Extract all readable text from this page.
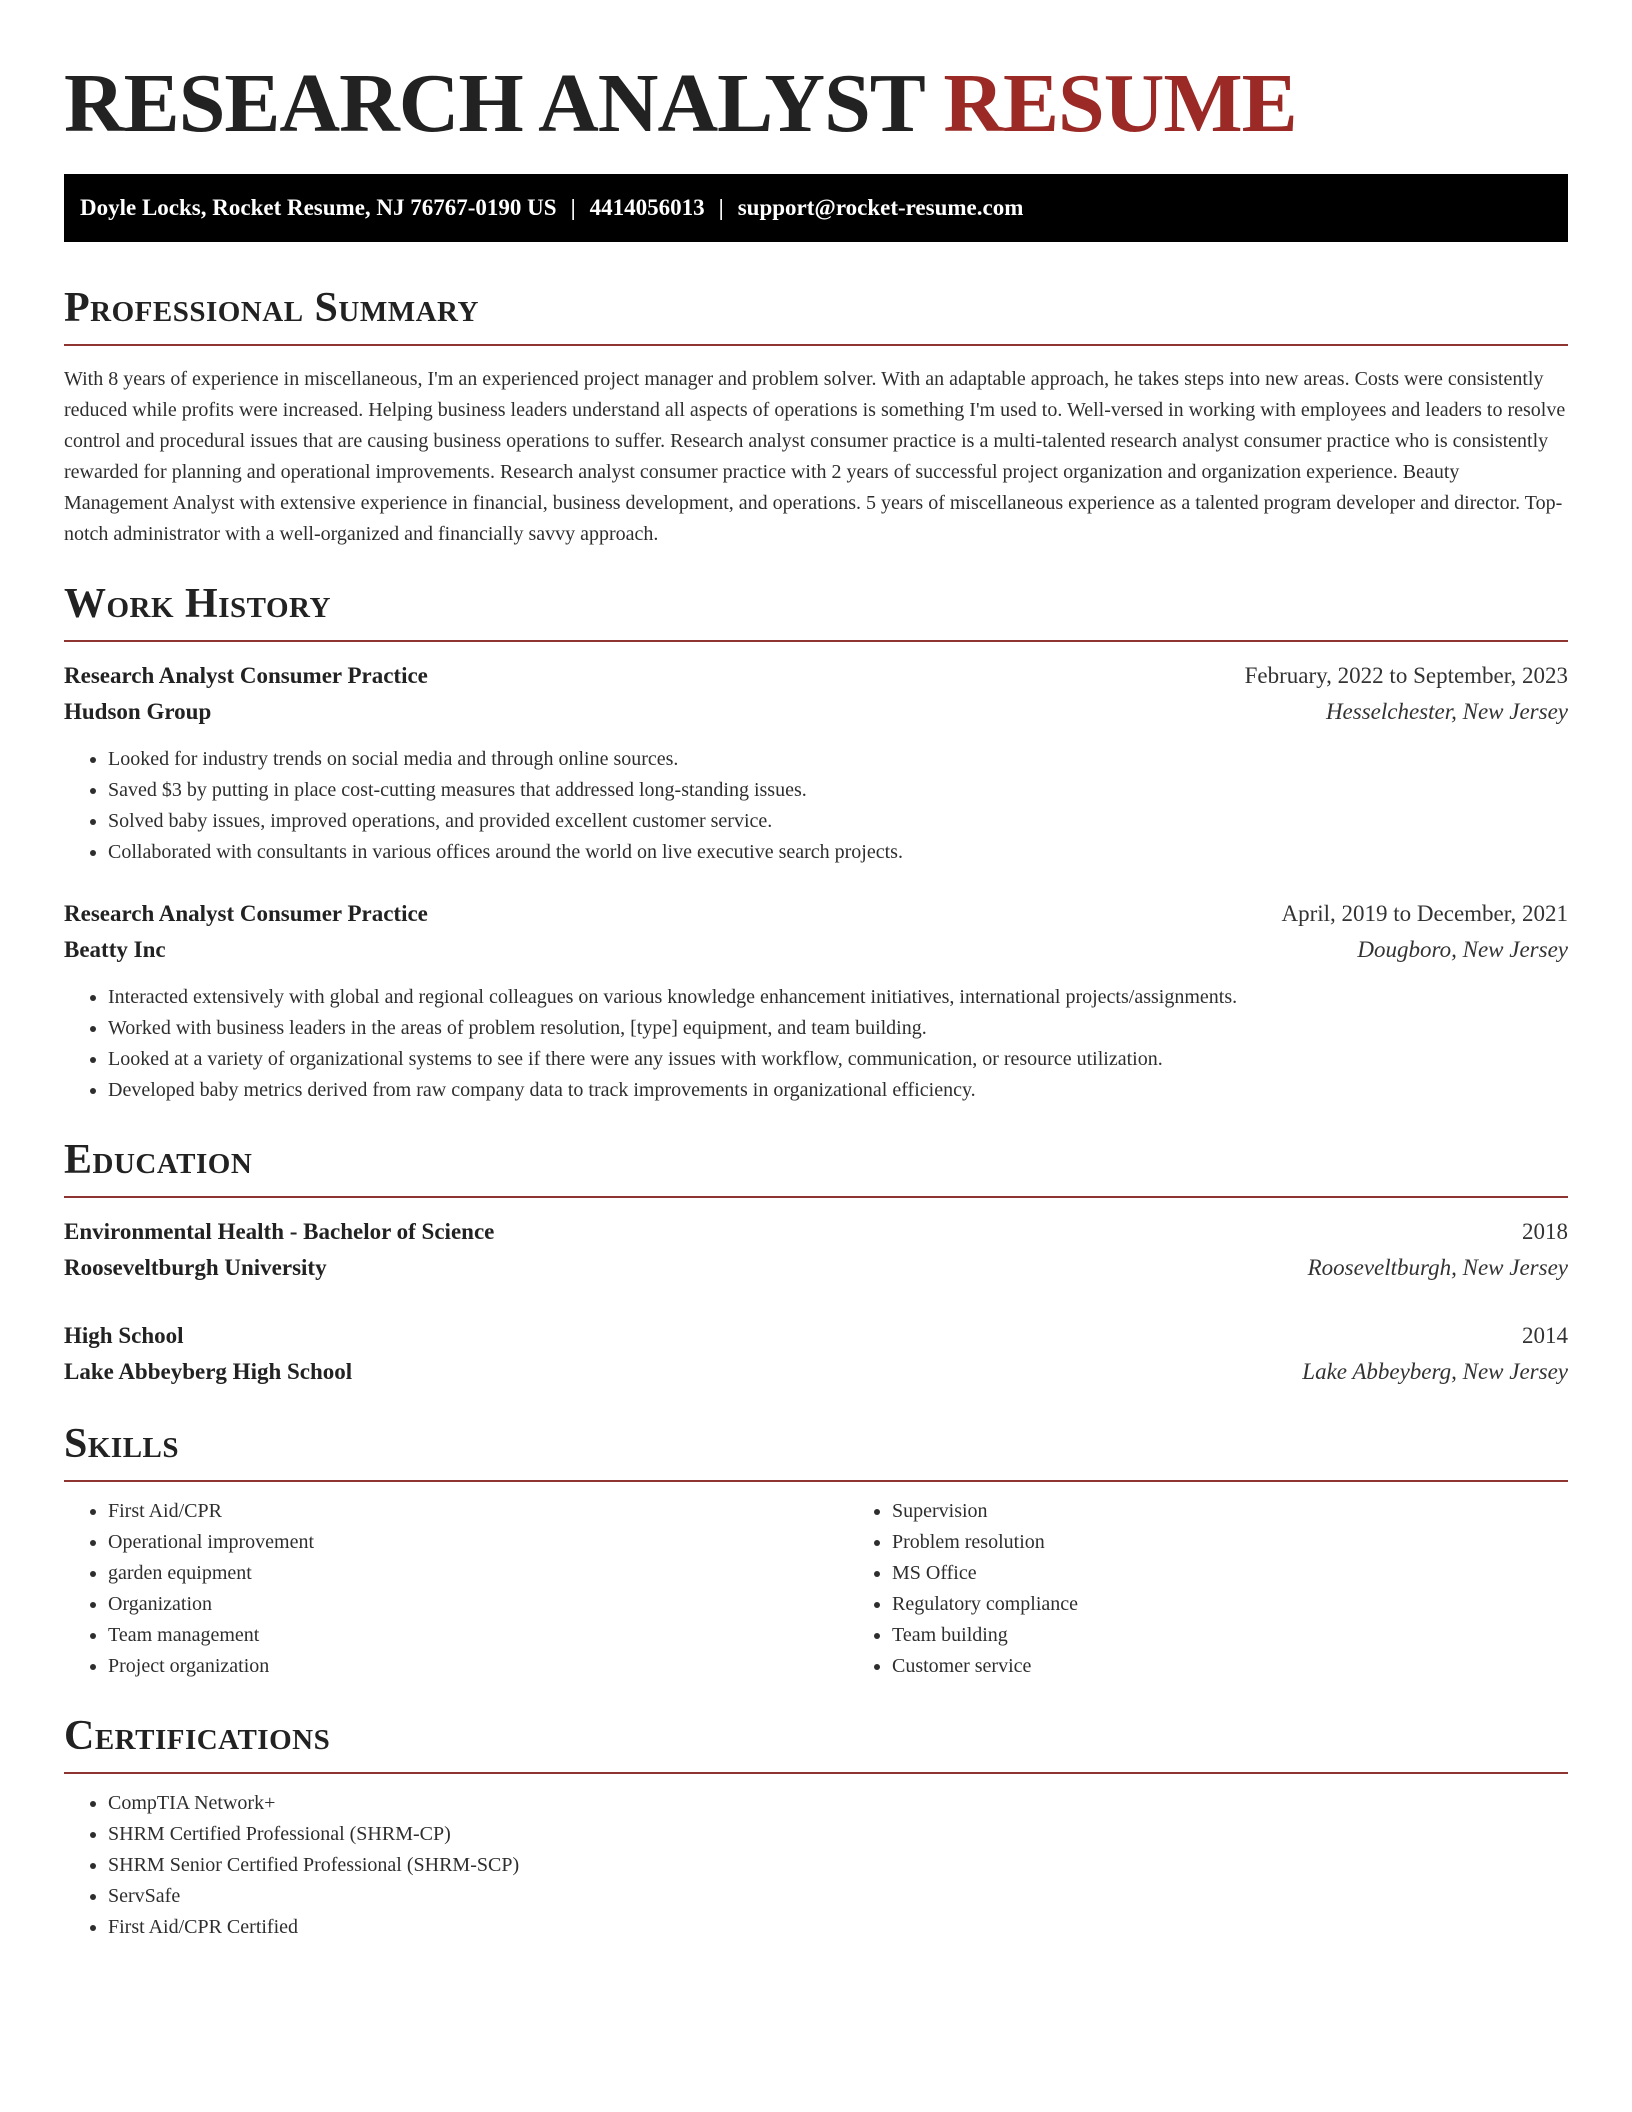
RESEARCH ANALYST RESUME
Doyle Locks, Rocket Resume, NJ 76767-0190 US | 4414056013 | support@rocket-resume.com
Professional Summary

With 8 years of experience in miscellaneous, I'm an experienced project manager and problem solver. With an adaptable approach, he takes steps into new areas. Costs were consistently reduced while profits were increased. Helping business leaders understand all aspects of operations is something I'm used to. Well-versed in working with employees and leaders to resolve control and procedural issues that are causing business operations to suffer. Research analyst consumer practice is a multi-talented research analyst consumer practice who is consistently rewarded for planning and operational improvements. Research analyst consumer practice with 2 years of successful project organization and organization experience. Beauty Management Analyst with extensive experience in financial, business development, and operations. 5 years of miscellaneous experience as a talented program developer and director. Top-notch administrator with a well-organized and financially savvy approach.

Work History
Research Analyst Consumer Practice	February, 2022 to September, 2023
Hudson Group	Hesselchester, New Jersey
• Looked for industry trends on social media and through online sources.
• Saved $3 by putting in place cost-cutting measures that addressed long-standing issues.
• Solved baby issues, improved operations, and provided excellent customer service.
• Collaborated with consultants in various offices around the world on live executive search projects.
Research Analyst Consumer Practice	April, 2019 to December, 2021
Beatty Inc	Dougboro, New Jersey
• Interacted extensively with global and regional colleagues on various knowledge enhancement initiatives, international projects/assignments.
• Worked with business leaders in the areas of problem resolution, [type] equipment, and team building.
• Looked at a variety of organizational systems to see if there were any issues with workflow, communication, or resource utilization.
• Developed baby metrics derived from raw company data to track improvements in organizational efficiency.
Education
Environmental Health - Bachelor of Science	2018
Rooseveltburgh University	Rooseveltburgh, New Jersey
High School	2014
Lake Abbeyberg High School	Lake Abbeyberg, New Jersey
Skills
• First Aid/CPR
• Operational improvement
• garden equipment
• Organization
• Team management
• Project organization
• Supervision
• Problem resolution
• MS Office
• Regulatory compliance
• Team building
• Customer service
Certifications
• CompTIA Network+
• SHRM Certified Professional (SHRM-CP)
• SHRM Senior Certified Professional (SHRM-SCP)
• ServSafe
• First Aid/CPR Certified
